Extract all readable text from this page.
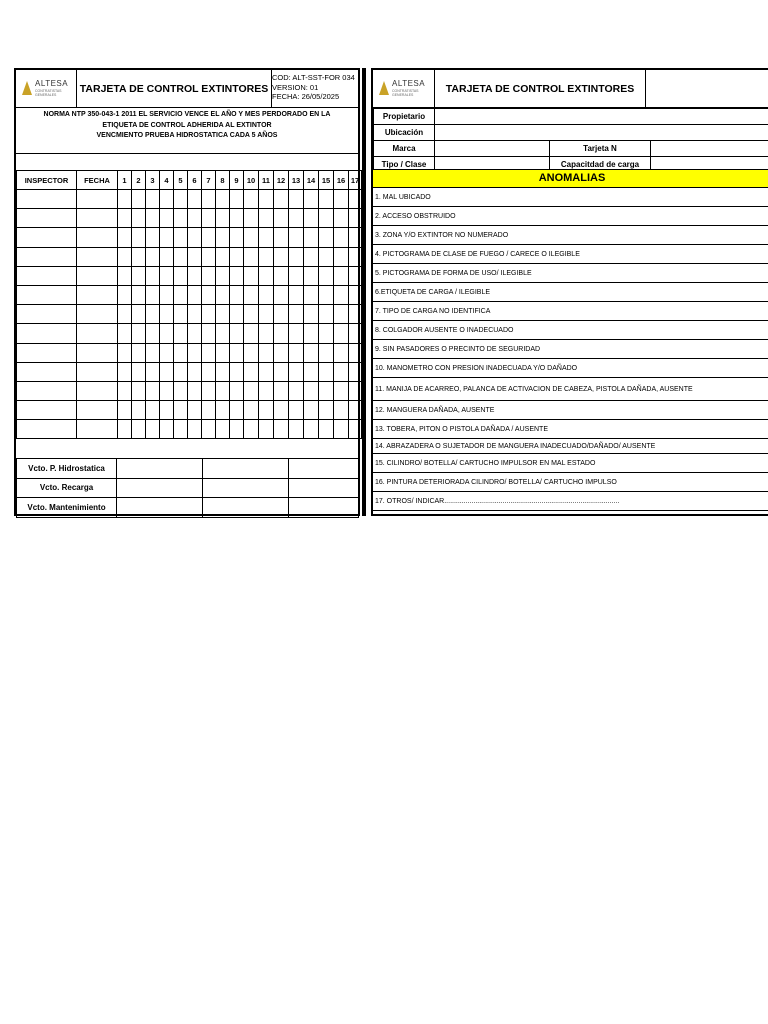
ALTESA
CONTRATISTAS GENERALES
TARJETA DE CONTROL EXTINTORES
COD: ALT-SST-FOR 034
VERSION: 01
FECHA: 26/05/2025
NORMA NTP 350-043-1 2011 EL SERVICIO VENCE EL AÑO Y MES PERDORADO EN LA
ETIQUETA DE CONTROL ADHERIDA AL EXTINTOR
VENCMIENTO PRUEBA HIDROSTATICA CADA 5 AÑOS
INSPECTOR	FECHA	1	2	3	4	5	6	7	8	9	10	11	12	13	14	15	16	17

Vcto. P. Hidrostatica			
Vcto. Recarga			
Vcto. Mantenimiento			
ALTESA
CONTRATISTAS GENERALES
TARJETA DE CONTROL EXTINTORES
Propietario			
Ubicación			
Marca		Tarjeta N	
Tipo / Clase		Capacitdad de carga	
ANOMALIAS
1. MAL UBICADO
2. ACCESO OBSTRUIDO
3. ZONA Y/O EXTINTOR NO NUMERADO
4. PICTOGRAMA DE CLASE DE FUEGO / CARECE O ILEGIBLE
5. PICTOGRAMA DE FORMA DE USO/ ILEGIBLE
6.ETIQUETA DE CARGA / ILEGIBLE
7. TIPO DE CARGA NO IDENTIFICA
8. COLGADOR AUSENTE O INADECUADO
9. SIN PASADORES O PRECINTO DE SEGURIDAD
10. MANOMETRO CON PRESION INADECUADA Y/O DAÑADO
11. MANIJA DE ACARREO, PALANCA DE ACTIVACION DE CABEZA, PISTOLA DAÑADA, AUSENTE
12. MANGUERA DAÑADA, AUSENTE
13. TOBERA, PITON O PISTOLA DAÑADA / AUSENTE
14. ABRAZADERA O SUJETADOR DE MANGUERA INADECUADO/DAÑADO/ AUSENTE
15. CILINDRO/ BOTELLA/ CARTUCHO IMPULSOR EN MAL ESTADO
16. PINTURA DETERIORADA CILINDRO/ BOTELLA/ CARTUCHO IMPULSO
17. OTROS/ INDICAR..........................................................................................
